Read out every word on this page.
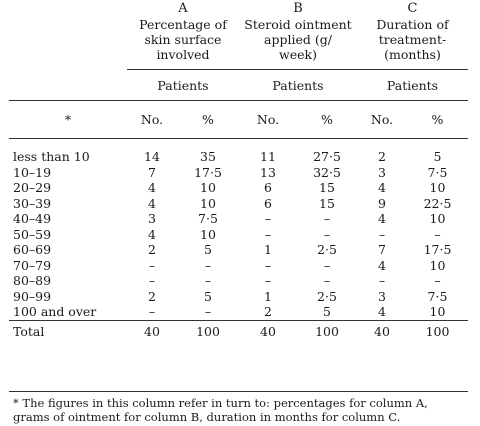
	A		B		C	

	Percentage of
skin surface
involved		Steroid ointment
applied (g/
week)		Duration of
treatment-
(months)	

	Patients		Patients		Patients	
*	No.	%	No.	%	No.	%
less than 10	14	35	11	27·5	2	5
10–19	7	17·5	13	32·5	3	7·5
20–29	4	10	6	15	4	10
30–39	4	10	6	15	9	22·5
40–49	3	7·5	–	–	4	10
50–59	4	10	–	–	–	–
60–69	2	5	1	2·5	7	17·5
70–79	–	–	–	–	4	10
80–89	–	–	–	–	–	–
90–99	2	5	1	2·5	3	7·5
100 and over	–	–	2	5	4	10
Total	40	100	40	100	40	100
* The figures in this column refer in turn to: percentages for column A,
grams of ointment for column B, duration in months for column C.
